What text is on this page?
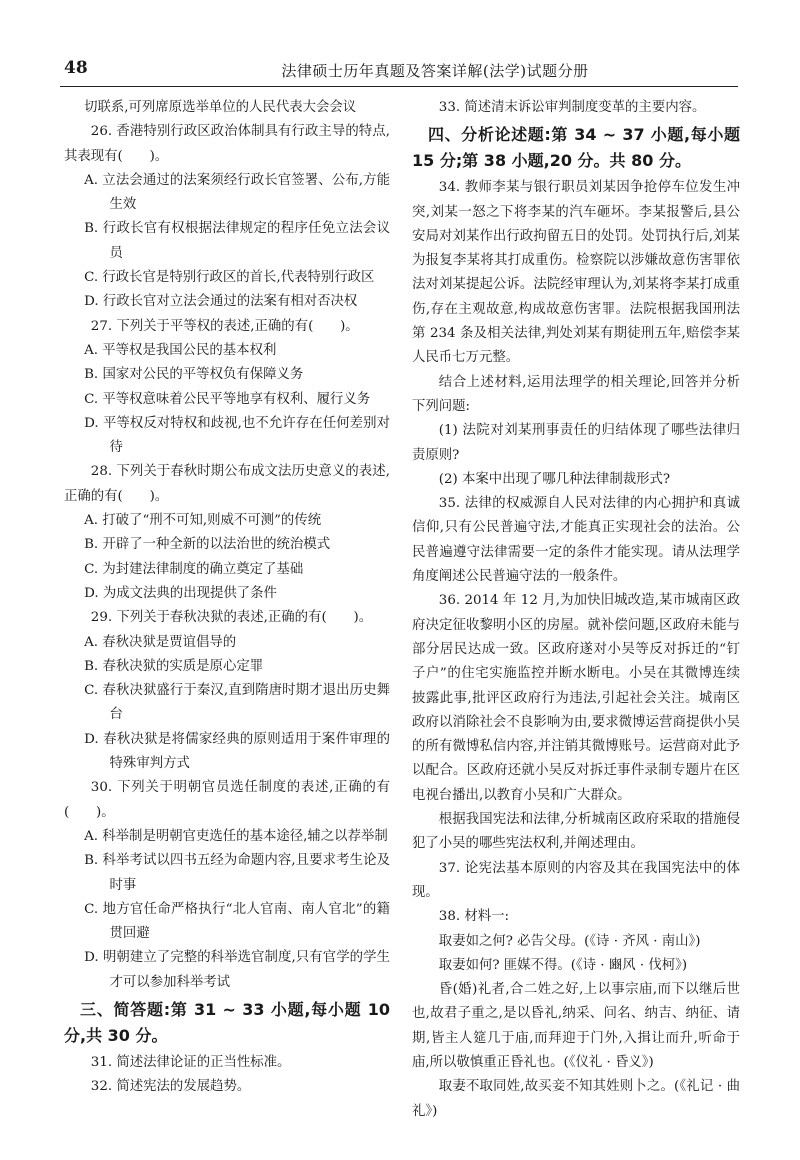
48	法律硕士历年真题及答案详解(法学)试题分册

切联系,可列席原选举单位的人民代表大会会议

26. 香港特别行政区政治体制具有行政主导的特点,其表现有(　　)。

A. 立法会通过的法案须经行政长官签署、公布,方能生效

B. 行政长官有权根据法律规定的程序任免立法会议员

C. 行政长官是特别行政区的首长,代表特别行政区

D. 行政长官对立法会通过的法案有相对否决权

27. 下列关于平等权的表述,正确的有(　　)。

A. 平等权是我国公民的基本权利

B. 国家对公民的平等权负有保障义务

C. 平等权意味着公民平等地享有权利、履行义务

D. 平等权反对特权和歧视,也不允许存在任何差别对待

28. 下列关于春秋时期公布成文法历史意义的表述,正确的有(　　)。

A. 打破了“刑不可知,则威不可测”的传统

B. 开辟了一种全新的以法治世的统治模式

C. 为封建法律制度的确立奠定了基础

D. 为成文法典的出现提供了条件

29. 下列关于春秋决狱的表述,正确的有(　　)。

A. 春秋决狱是贾谊倡导的

B. 春秋决狱的实质是原心定罪

C. 春秋决狱盛行于秦汉,直到隋唐时期才退出历史舞台

D. 春秋决狱是将儒家经典的原则适用于案件审理的特殊审判方式

30. 下列关于明朝官员选任制度的表述,正确的有(　　)。

A. 科举制是明朝官吏选任的基本途径,辅之以荐举制

B. 科举考试以四书五经为命题内容,且要求考生论及时事

C. 地方官任命严格执行“北人官南、南人官北”的籍贯回避

D. 明朝建立了完整的科举选官制度,只有官学的学生才可以参加科举考试

三、简答题:第 31 ~ 33 小题,每小题 10 分,共 30 分。

31. 简述法律论证的正当性标准。

32. 简述宪法的发展趋势。

33. 简述清末诉讼审判制度变革的主要内容。

四、分析论述题:第 34 ~ 37 小题,每小题 15 分;第 38 小题,20 分。共 80 分。

34. 教师李某与银行职员刘某因争抢停车位发生冲突,刘某一怒之下将李某的汽车砸坏。李某报警后,县公安局对刘某作出行政拘留五日的处罚。处罚执行后,刘某为报复李某将其打成重伤。检察院以涉嫌故意伤害罪依法对刘某提起公诉。法院经审理认为,刘某将李某打成重伤,存在主观故意,构成故意伤害罪。法院根据我国刑法第 234 条及相关法律,判处刘某有期徒刑五年,赔偿李某人民币七万元整。

结合上述材料,运用法理学的相关理论,回答并分析下列问题:

(1) 法院对刘某刑事责任的归结体现了哪些法律归责原则?

(2) 本案中出现了哪几种法律制裁形式?

35. 法律的权威源自人民对法律的内心拥护和真诚信仰,只有公民普遍守法,才能真正实现社会的法治。公民普遍遵守法律需要一定的条件才能实现。请从法理学角度阐述公民普遍守法的一般条件。

36. 2014 年 12 月,为加快旧城改造,某市城南区政府决定征收黎明小区的房屋。就补偿问题,区政府未能与部分居民达成一致。区政府遂对小吴等反对拆迁的“钉子户”的住宅实施监控并断水断电。小吴在其微博连续披露此事,批评区政府行为违法,引起社会关注。城南区政府以消除社会不良影响为由,要求微博运营商提供小吴的所有微博私信内容,并注销其微博账号。运营商对此予以配合。区政府还就小吴反对拆迁事件录制专题片在区电视台播出,以教育小吴和广大群众。

根据我国宪法和法律,分析城南区政府采取的措施侵犯了小吴的哪些宪法权利,并阐述理由。

37. 论宪法基本原则的内容及其在我国宪法中的体现。

38. 材料一:

取妻如之何? 必告父母。(《诗 · 齐风 · 南山》)

取妻如何? 匪媒不得。(《诗 · 豳风 · 伐柯》)

昏(婚)礼者,合二姓之好,上以事宗庙,而下以继后世也,故君子重之,是以昏礼,纳采、问名、纳吉、纳征、请期,皆主人筵几于庙,而拜迎于门外,入揖让而升,听命于庙,所以敬慎重正昏礼也。(《仪礼 · 昏义》)

取妻不取同姓,故买妾不知其姓则卜之。(《礼记 · 曲礼》)
